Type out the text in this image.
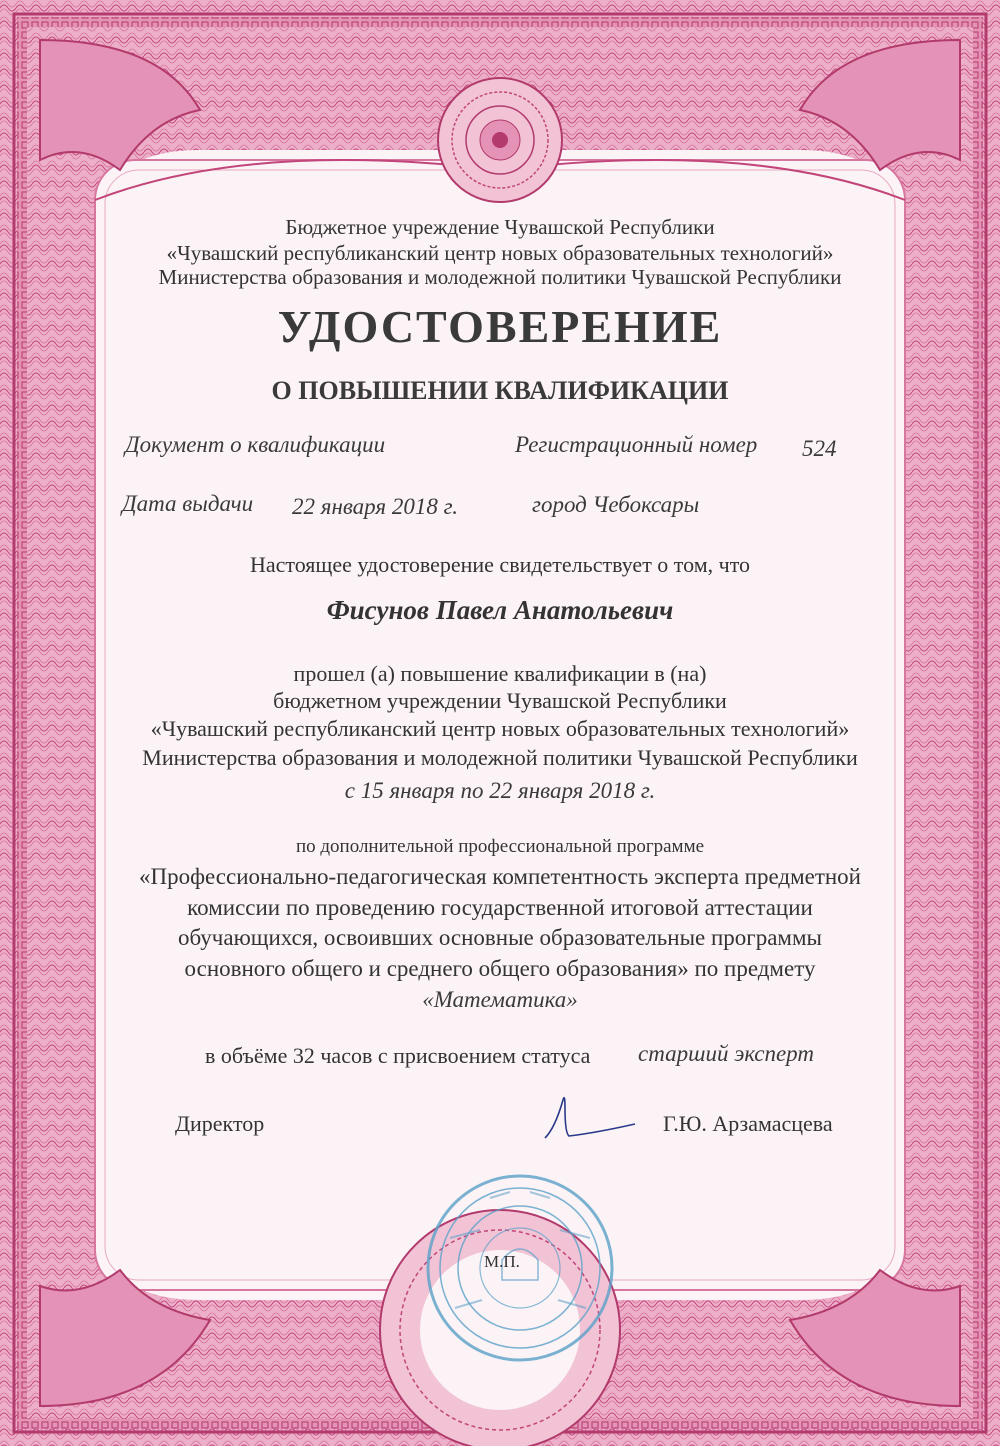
Бюджетное учреждение Чувашской Республики
«Чувашский республиканский центр новых образовательных технологий»
Министерства образования и молодежной политики Чувашской Республики
УДОСТОВЕРЕНИЕ
О ПОВЫШЕНИИ КВАЛИФИКАЦИИ
Документ о квалификации	Регистрационный номер 524
Дата выдачи 22 января 2018 г.	город Чебоксары
Настоящее удостоверение свидетельствует о том, что
Фисунов Павел Анатольевич
прошел (а) повышение квалификации в (на)
бюджетном учреждении Чувашской Республики
«Чувашский республиканский центр новых образовательных технологий»
Министерства образования и молодежной политики Чувашской Республики
с 15 января по 22 января 2018 г.
по дополнительной профессиональной программе
«Профессионально-педагогическая компетентность эксперта предметной
комиссии по проведению государственной итоговой аттестации
обучающихся, освоивших основные образовательные программы
основного общего и среднего общего образования» по предмету
«Математика»
в объёме 32 часов с присвоением статуса старший эксперт
Директор	Г.Ю. Арзамасцева
М.П.
